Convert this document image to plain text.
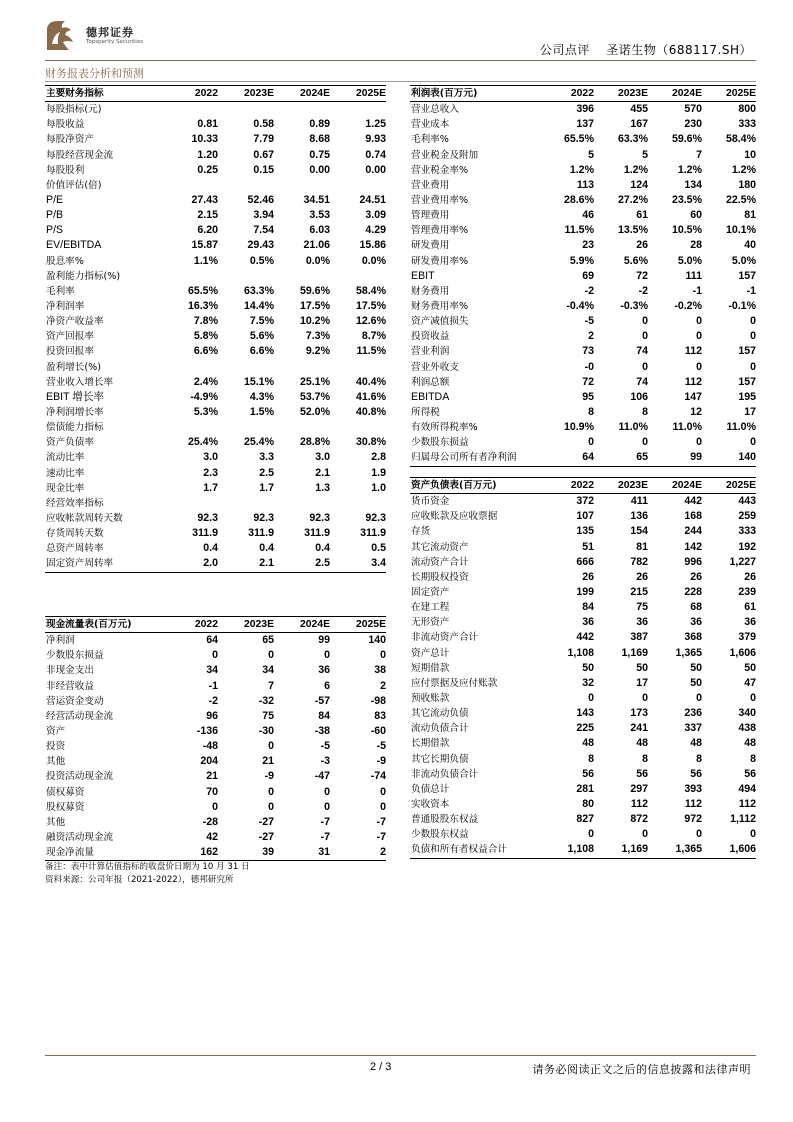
德邦证券
Topsperity Securities
公司点评 圣诺生物（688117.SH）
财务报表分析和预测
主要财务指标	2022	2023E	2024E	2025E
每股指标(元)				
每股收益	0.81	0.58	0.89	1.25
每股净资产	10.33	7.79	8.68	9.93
每股经营现金流	1.20	0.67	0.75	0.74
每股股利	0.25	0.15	0.00	0.00
价值评估(倍)				
P/E	27.43	52.46	34.51	24.51
P/B	2.15	3.94	3.53	3.09
P/S	6.20	7.54	6.03	4.29
EV/EBITDA	15.87	29.43	21.06	15.86
股息率%	1.1%	0.5%	0.0%	0.0%
盈利能力指标(%)				
毛利率	65.5%	63.3%	59.6%	58.4%
净利润率	16.3%	14.4%	17.5%	17.5%
净资产收益率	7.8%	7.5%	10.2%	12.6%
资产回报率	5.8%	5.6%	7.3%	8.7%
投资回报率	6.6%	6.6%	9.2%	11.5%
盈利增长(%)				
营业收入增长率	2.4%	15.1%	25.1%	40.4%
EBIT 增长率	-4.9%	4.3%	53.7%	41.6%
净利润增长率	5.3%	1.5%	52.0%	40.8%
偿债能力指标				
资产负债率	25.4%	25.4%	28.8%	30.8%
流动比率	3.0	3.3	3.0	2.8
速动比率	2.3	2.5	2.1	1.9
现金比率	1.7	1.7	1.3	1.0
经营效率指标				
应收帐款周转天数	92.3	92.3	92.3	92.3
存货周转天数	311.9	311.9	311.9	311.9
总资产周转率	0.4	0.4	0.4	0.5
固定资产周转率	2.0	2.1	2.5	3.4
利润表(百万元)	2022	2023E	2024E	2025E
营业总收入	396	455	570	800
营业成本	137	167	230	333
毛利率%	65.5%	63.3%	59.6%	58.4%
营业税金及附加	5	5	7	10
营业税金率%	1.2%	1.2%	1.2%	1.2%
营业费用	113	124	134	180
营业费用率%	28.6%	27.2%	23.5%	22.5%
管理费用	46	61	60	81
管理费用率%	11.5%	13.5%	10.5%	10.1%
研发费用	23	26	28	40
研发费用率%	5.9%	5.6%	5.0%	5.0%
EBIT	69	72	111	157
财务费用	-2	-2	-1	-1
财务费用率%	-0.4%	-0.3%	-0.2%	-0.1%
资产减值损失	-5	0	0	0
投资收益	2	0	0	0
营业利润	73	74	112	157
营业外收支	-0	0	0	0
利润总额	72	74	112	157
EBITDA	95	106	147	195
所得税	8	8	12	17
有效所得税率%	10.9%	11.0%	11.0%	11.0%
少数股东损益	0	0	0	0
归属母公司所有者净利润	64	65	99	140
现金流量表(百万元)	2022	2023E	2024E	2025E
净利润	64	65	99	140
少数股东损益	0	0	0	0
非现金支出	34	34	36	38
非经营收益	-1	7	6	2
营运资金变动	-2	-32	-57	-98
经营活动现金流	96	75	84	83
资产	-136	-30	-38	-60
投资	-48	0	-5	-5
其他	204	21	-3	-9
投资活动现金流	21	-9	-47	-74
债权募资	70	0	0	0
股权募资	0	0	0	0
其他	-28	-27	-7	-7
融资活动现金流	42	-27	-7	-7
现金净流量	162	39	31	2
资产负债表(百万元)	2022	2023E	2024E	2025E
货币资金	372	411	442	443
应收账款及应收票据	107	136	168	259
存货	135	154	244	333
其它流动资产	51	81	142	192
流动资产合计	666	782	996	1,227
长期股权投资	26	26	26	26
固定资产	199	215	228	239
在建工程	84	75	68	61
无形资产	36	36	36	36
非流动资产合计	442	387	368	379
资产总计	1,108	1,169	1,365	1,606
短期借款	50	50	50	50
应付票据及应付账款	32	17	50	47
预收账款	0	0	0	0
其它流动负债	143	173	236	340
流动负债合计	225	241	337	438
长期借款	48	48	48	48
其它长期负债	8	8	8	8
非流动负债合计	56	56	56	56
负债总计	281	297	393	494
实收资本	80	112	112	112
普通股股东权益	827	872	972	1,112
少数股东权益	0	0	0	0
负债和所有者权益合计	1,108	1,169	1,365	1,606
备注：表中计算估值指标的收盘价日期为 10 月 31 日
资料来源：公司年报（2021-2022），德邦研究所
2 / 3	请务必阅读正文之后的信息披露和法律声明
